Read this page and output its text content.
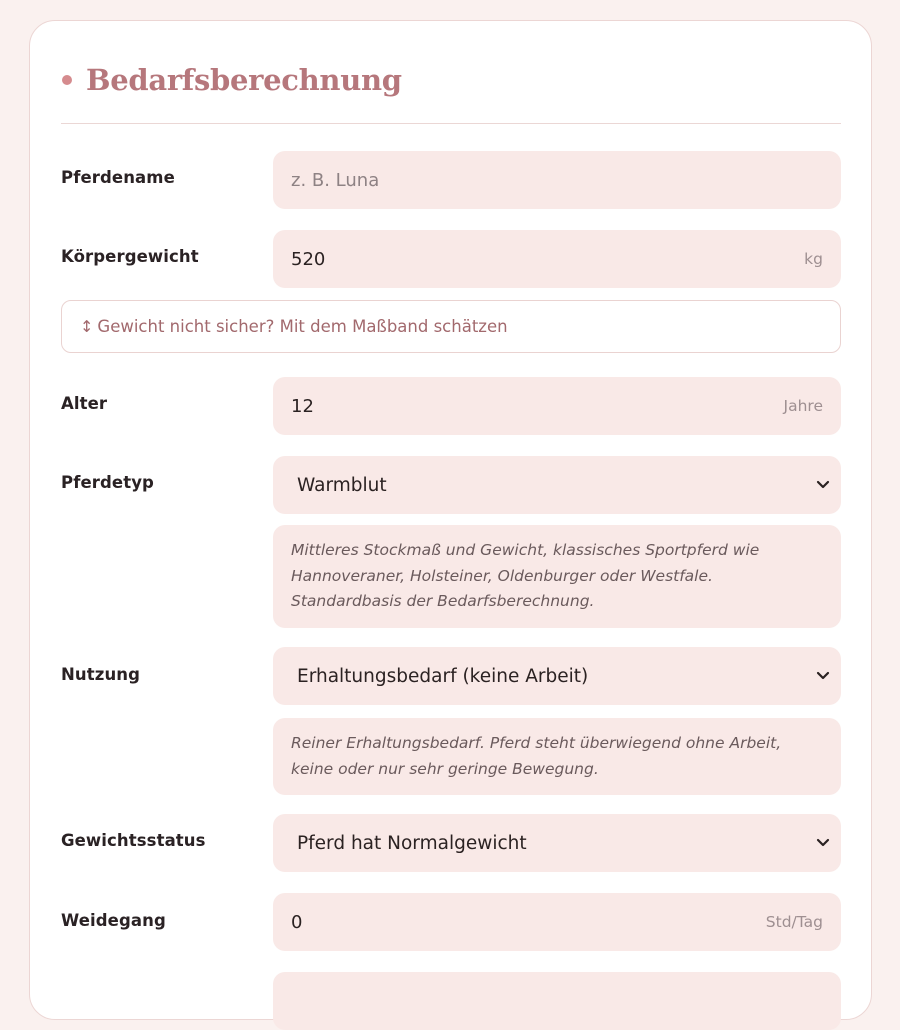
Bedarfsberechnung
Pferdename	z. B. Luna
Körpergewicht	520	kg
↕ Gewicht nicht sicher? Mit dem Maßband schätzen
Alter	12	Jahre
Pferdetyp	Warmblut
Mittleres Stockmaß und Gewicht, klassisches Sportpferd wie Hannoveraner, Holsteiner, Oldenburger oder Westfale. Standardbasis der Bedarfsberechnung.
Nutzung	Erhaltungsbedarf (keine Arbeit)
Reiner Erhaltungsbedarf. Pferd steht überwiegend ohne Arbeit, keine oder nur sehr geringe Bewegung.
Gewichtsstatus	Pferd hat Normalgewicht
Weidegang	0	Std/Tag
